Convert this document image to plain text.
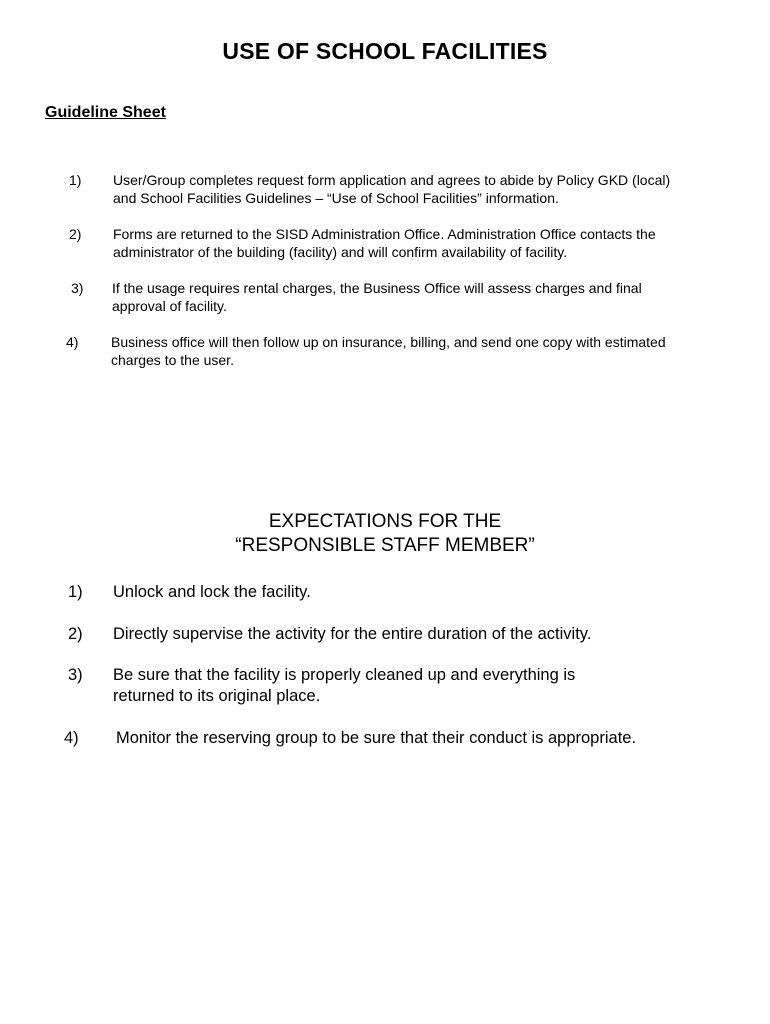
USE OF SCHOOL FACILITIES
Guideline Sheet
1) User/Group completes request form application and agrees to abide by Policy GKD (local)
and School Facilities Guidelines – “Use of School Facilities” information.
2) Forms are returned to the SISD Administration Office. Administration Office contacts the
administrator of the building (facility) and will confirm availability of facility.
3) If the usage requires rental charges, the Business Office will assess charges and final
approval of facility.
4) Business office will then follow up on insurance, billing, and send one copy with estimated
charges to the user.
EXPECTATIONS FOR THE
“RESPONSIBLE STAFF MEMBER”
1) Unlock and lock the facility.
2) Directly supervise the activity for the entire duration of the activity.
3) Be sure that the facility is properly cleaned up and everything is
returned to its original place.
4) Monitor the reserving group to be sure that their conduct is appropriate.
